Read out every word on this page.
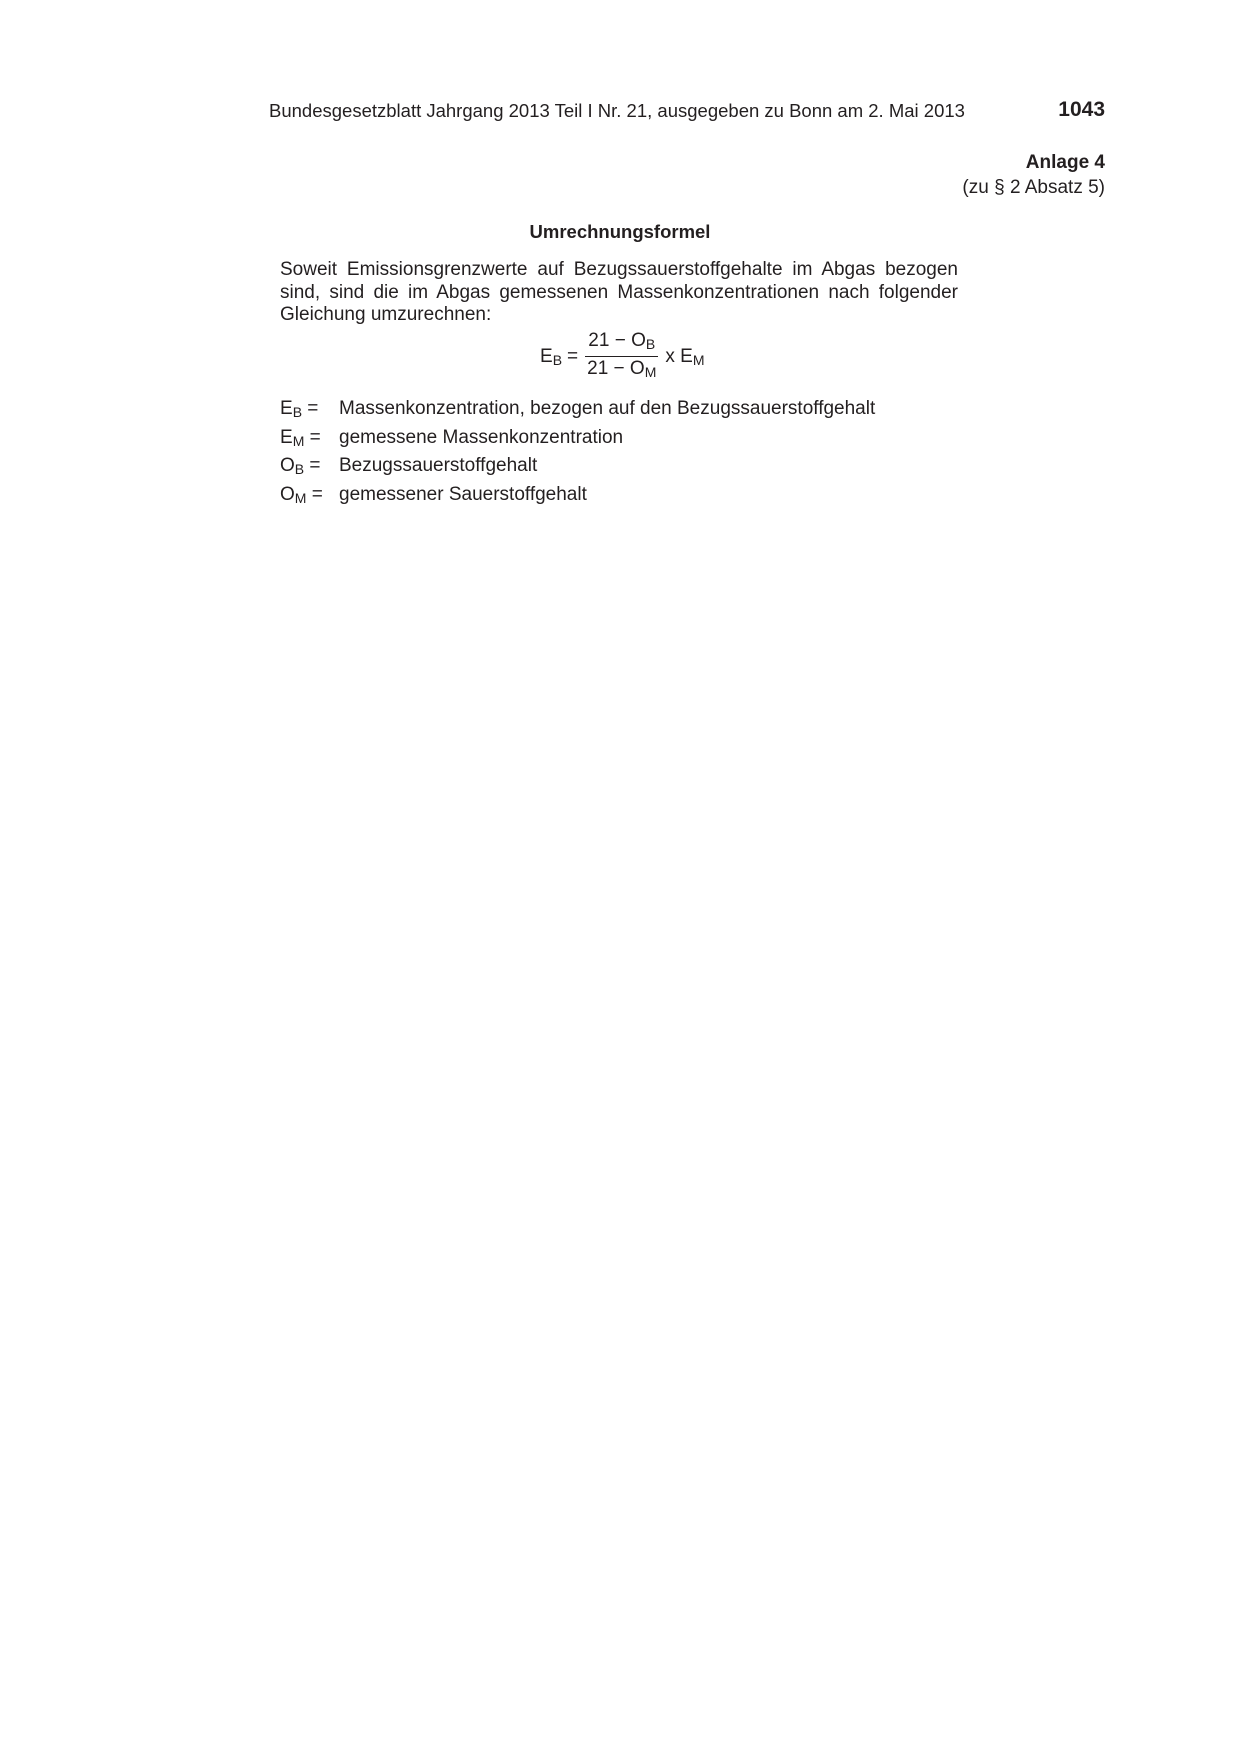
Bundesgesetzblatt Jahrgang 2013 Teil I Nr. 21, ausgegeben zu Bonn am 2. Mai 2013	1043
Anlage 4
(zu § 2 Absatz 5)
Umrechnungsformel
Soweit Emissionsgrenzwerte auf Bezugssauerstoffgehalte im Abgas bezogen sind, sind die im Abgas gemessenen Massenkonzentrationen nach folgender Gleichung umzurechnen:
$E_B = \frac{21 - O_B}{21 - O_M}$ x $E_M$
$E_B$ =	Massenkonzentration, bezogen auf den Bezugssauerstoffgehalt
$E_M$ = gemessene Massenkonzentration
$O_B$ = Bezugssauerstoffgehalt
$O_M$ = gemessener Sauerstoffgehalt
